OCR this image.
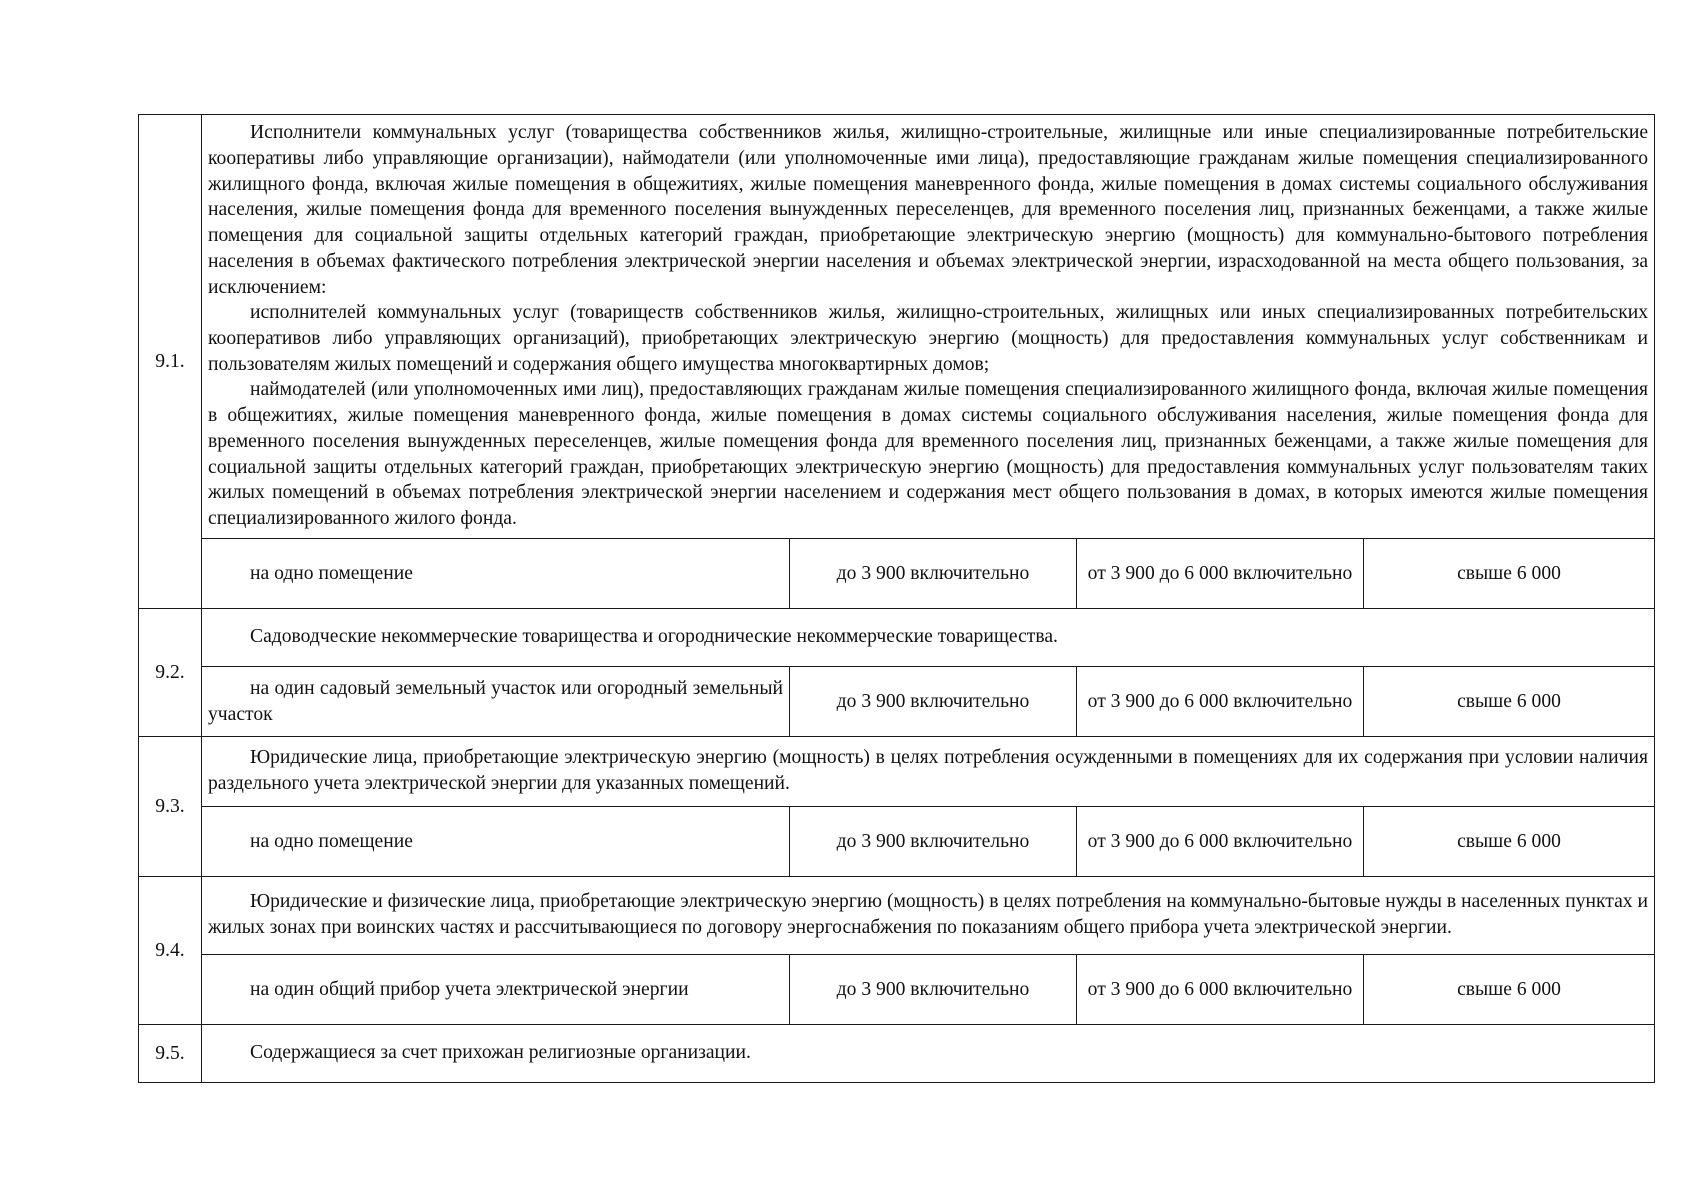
9.1.	Исполнители коммунальных услуг (товарищества собственников жилья, жилищно-строительные, жилищные или иные специализированные потребительские кооперативы либо управляющие организации), наймодатели (или уполномоченные ими лица), предоставляющие гражданам жилые помещения специализированного жилищного фонда, включая жилые помещения в общежитиях, жилые помещения маневренного фонда, жилые помещения в домах системы социального обслуживания населения, жилые помещения фонда для временного поселения вынужденных переселенцев, для временного поселения лиц, признанных беженцами, а также жилые помещения для социальной защиты отдельных категорий граждан, приобретающие электрическую энергию (мощность) для коммунально-бытового потребления населения в объемах фактического потребления электрической энергии населения и объемах электрической энергии, израсходованной на места общего пользования, за исключением:

исполнителей коммунальных услуг (товариществ собственников жилья, жилищно-строительных, жилищных или иных специализированных потребительских кооперативов либо управляющих организаций), приобретающих электрическую энергию (мощность) для предоставления коммунальных услуг собственникам и пользователям жилых помещений и содержания общего имущества многоквартирных домов;

наймодателей (или уполномоченных ими лиц), предоставляющих гражданам жилые помещения специализированного жилищного фонда, включая жилые помещения в общежитиях, жилые помещения маневренного фонда, жилые помещения в домах системы социального обслуживания населения, жилые помещения фонда для временного поселения вынужденных переселенцев, жилые помещения фонда для временного поселения лиц, признанных беженцами, а также жилые помещения для социальной защиты отдельных категорий граждан, приобретающих электрическую энергию (мощность) для предоставления коммунальных услуг пользователям таких жилых помещений в объемах потребления электрической энергии населением и содержания мест общего пользования в домах, в которых имеются жилые помещения специализированного жилого фонда.			

	на одно помещение	до 3 900 включительно	от 3 900 до 6 000 включительно	свыше 6 000

9.2.	Садоводческие некоммерческие товарищества и огороднические некоммерческие товарищества.			

	на один садовый земельный участок или огородный земельный участок	до 3 900 включительно	от 3 900 до 6 000 включительно	свыше 6 000

9.3.	Юридические лица, приобретающие электрическую энергию (мощность) в целях потребления осужденными в помещениях для их содержания при условии наличия раздельного учета электрической энергии для указанных помещений.			

	на одно помещение	до 3 900 включительно	от 3 900 до 6 000 включительно	свыше 6 000

9.4.	Юридические и физические лица, приобретающие электрическую энергию (мощность) в целях потребления на коммунально-бытовые нужды в населенных пунктах и жилых зонах при воинских частях и рассчитывающиеся по договору энергоснабжения по показаниям общего прибора учета электрической энергии.			

	на один общий прибор учета электрической энергии	до 3 900 включительно	от 3 900 до 6 000 включительно	свыше 6 000

9.5.	Содержащиеся за счет прихожан религиозные организации.			
